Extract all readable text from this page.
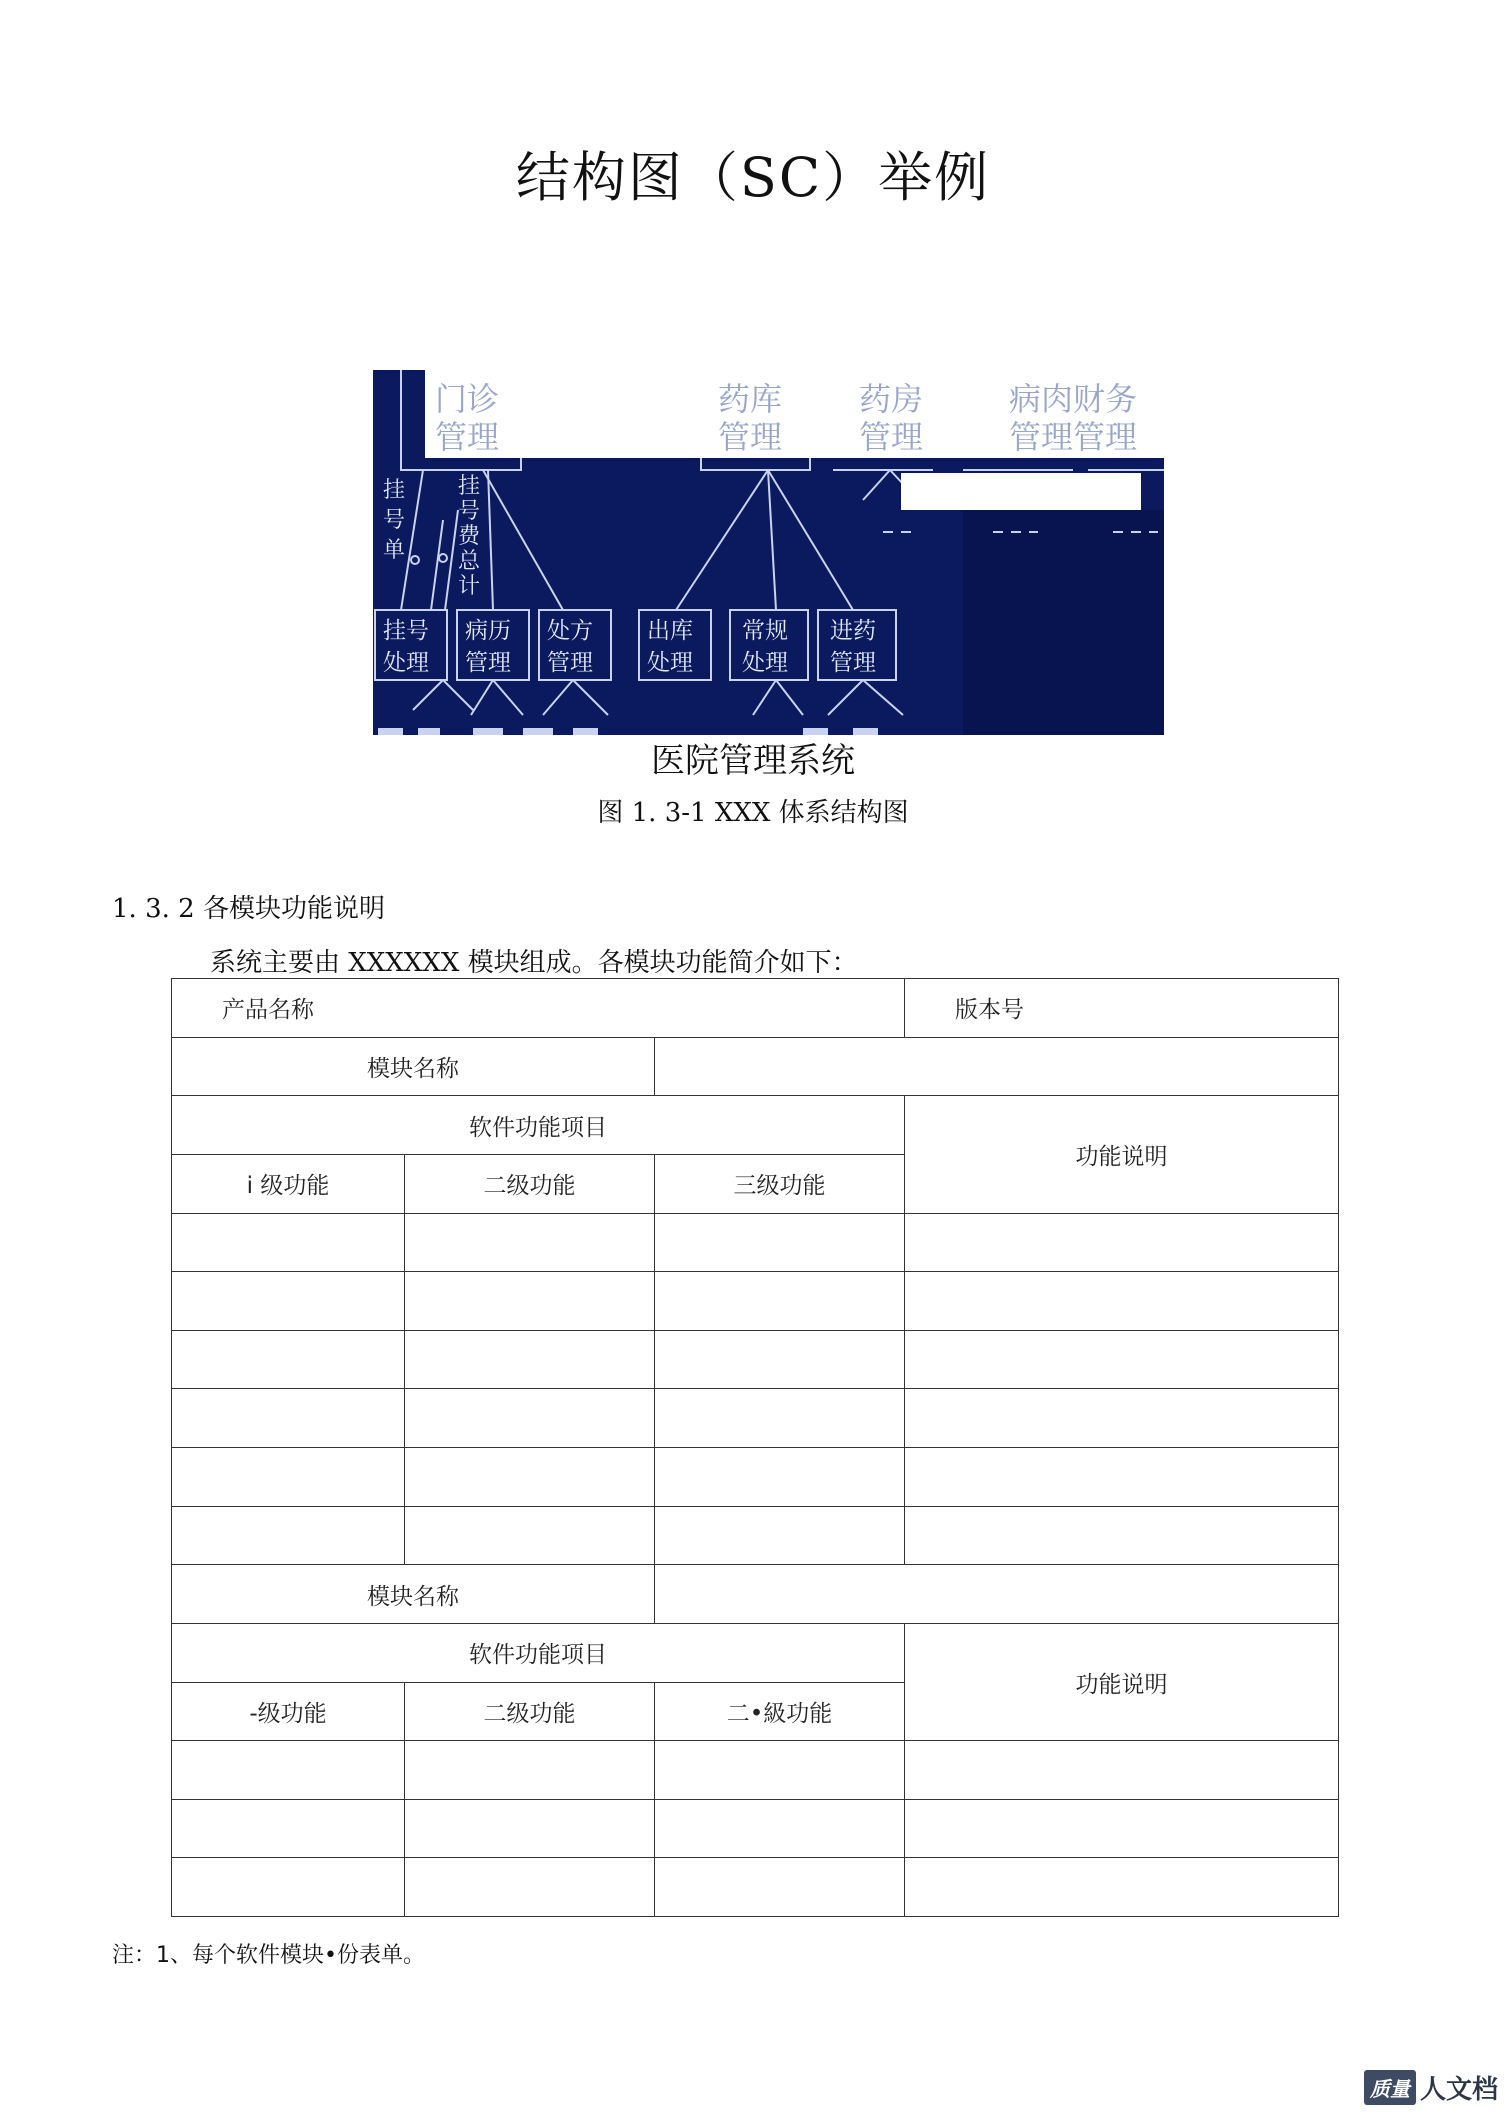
结构图（SC）举例
门诊
管理
药库
管理
药房
管理
病肉财务
管理管理
挂
号
单
挂
号
费
总
计
挂号
处理
病历
管理
处方
管理
出库
处理
常规
处理
进药
管理
医院管理系统
图 1. 3-1 XXX 体系结构图
1. 3. 2 各模块功能说明
系统主要由 XXXXXX 模块组成。各模块功能简介如下：
产品名称			版本号
模块名称			
软件功能项目			功能说明
i 级功能	二级功能	三级功能	

模块名称			
软件功能项目			功能说明
-级功能	二级功能	二•級功能	

注：1、每个软件模块•份表单。
质量 人文档
